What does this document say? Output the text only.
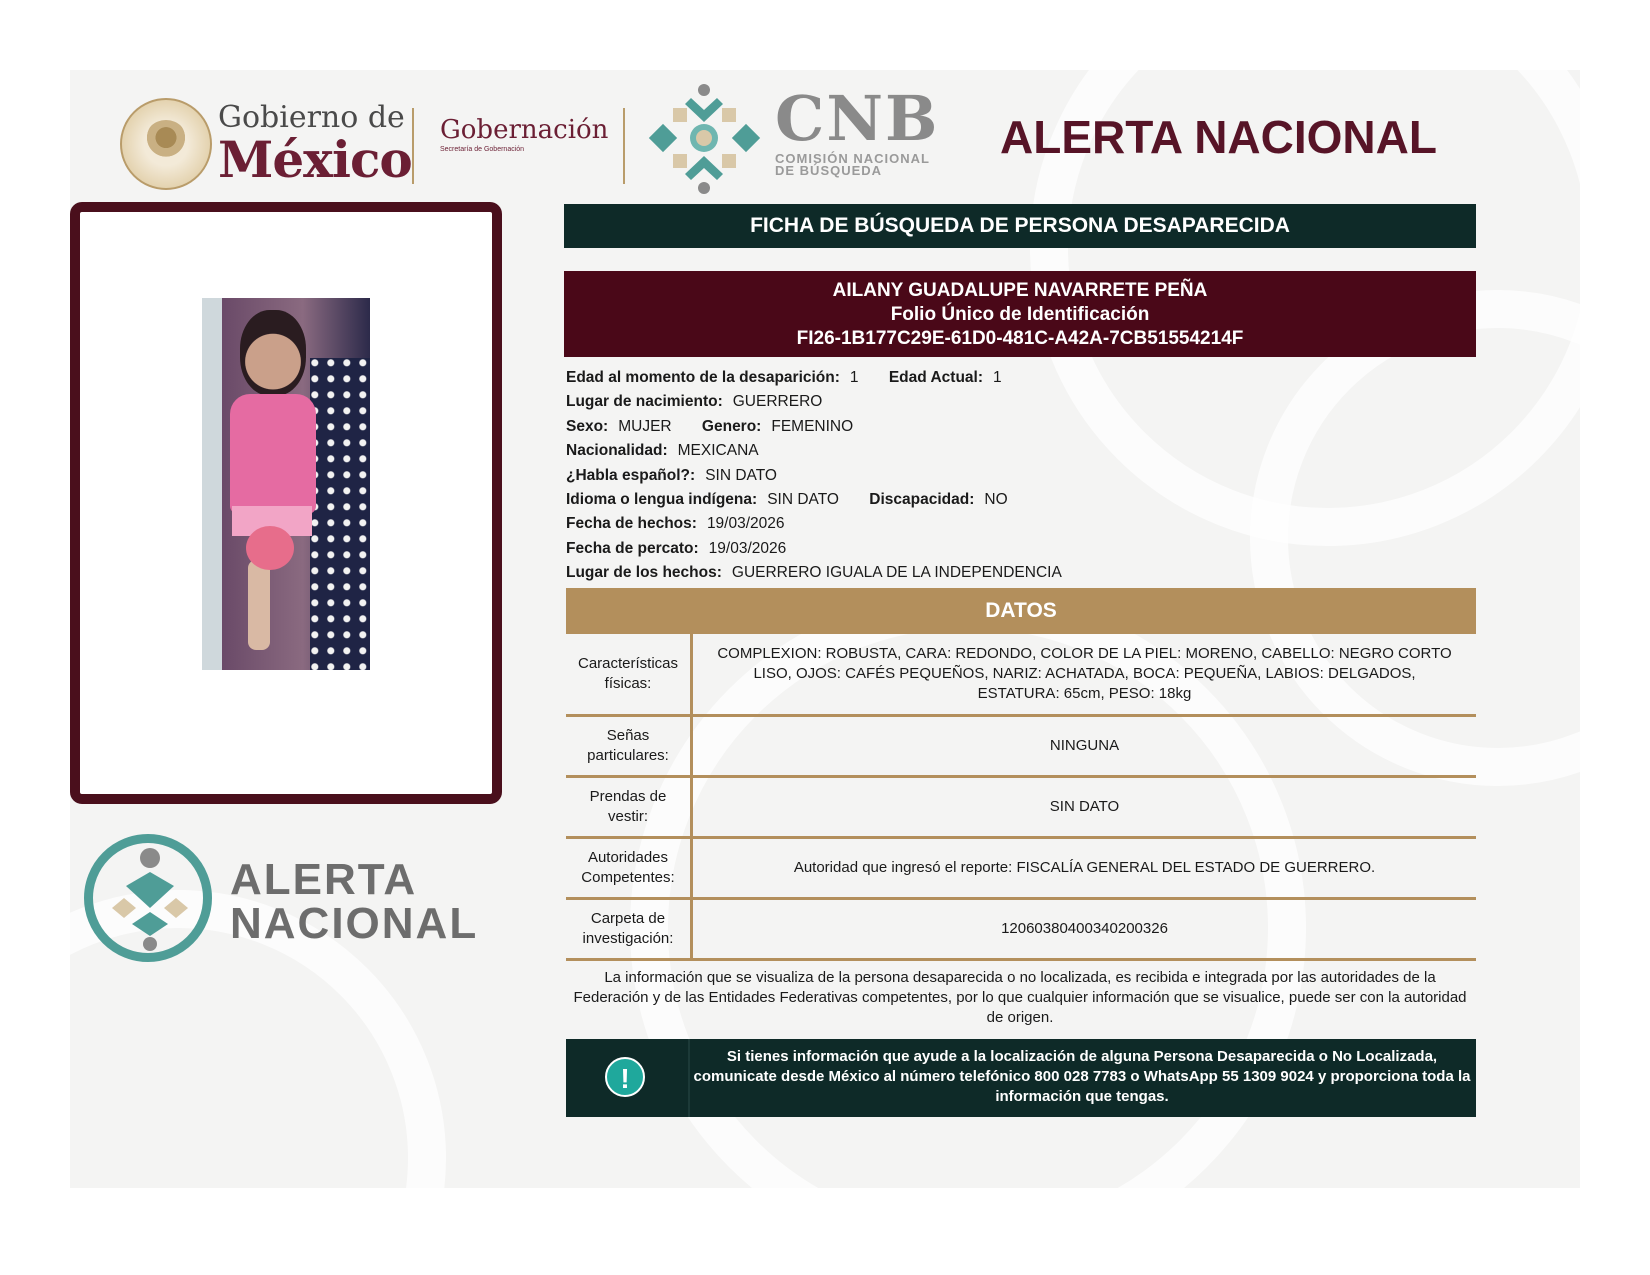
Gobierno de
México Gobernación
Secretaría de Gobernación	CNB
COMISIÓN NACIONAL
DE BÚSQUEDA
ALERTA NACIONAL
ALERTA
NACIONAL
FICHA DE BÚSQUEDA DE PERSONA DESAPARECIDA
AILANY GUADALUPE NAVARRETE PEÑA
Folio Único de Identificación
FI26-1B177C29E-61D0-481C-A42A-7CB51554214F
Edad al momento de la desaparición: 1 Edad Actual: 1
Lugar de nacimiento: GUERRERO
Sexo: MUJER Genero: FEMENINO
Nacionalidad: MEXICANA
¿Habla español?: SIN DATO
Idioma o lengua indígena: SIN DATO Discapacidad: NO
Fecha de hechos: 19/03/2026
Fecha de percato: 19/03/2026
Lugar de los hechos: GUERRERO IGUALA DE LA INDEPENDENCIA
DATOS
Características
físicas:
COMPLEXION: ROBUSTA, CARA: REDONDO, COLOR DE LA PIEL: MORENO, CABELLO: NEGRO CORTO LISO, OJOS: CAFÉS PEQUEÑOS, NARIZ: ACHATADA, BOCA: PEQUEÑA, LABIOS: DELGADOS, ESTATURA: 65cm, PESO: 18kg
Señas
particulares:
NINGUNA
Prendas de
vestir:
SIN DATO
Autoridades
Competentes:
Autoridad que ingresó el reporte: FISCALÍA GENERAL DEL ESTADO DE GUERRERO.
Carpeta de
investigación:
12060380400340200326
La información que se visualiza de la persona desaparecida o no localizada, es recibida e integrada por las autoridades de la Federación y de las Entidades Federativas competentes, por lo que cualquier información que se visualice, puede ser con la autoridad de origen.
!
Si tienes información que ayude a la localización de alguna Persona Desaparecida o No Localizada, comunicate desde México al número telefónico 800 028 7783 o WhatsApp 55 1309 9024 y proporciona toda la información que tengas.
